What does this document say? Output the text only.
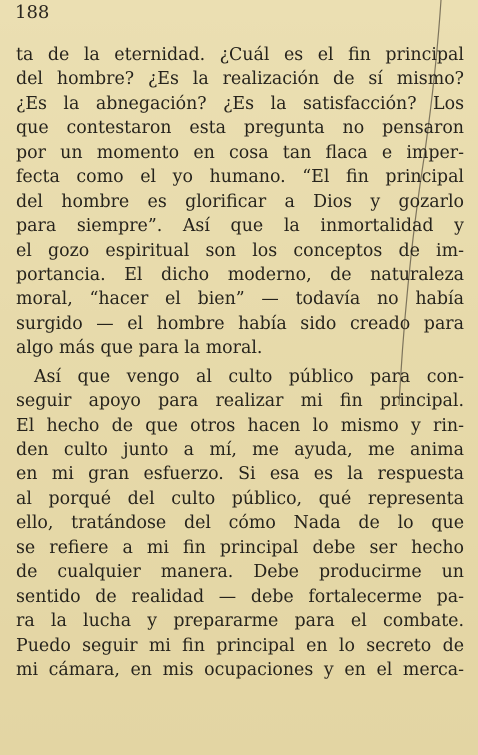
188
ta de la eternidad. ¿Cuál es el fin principal
del hombre? ¿Es la realización de sí mismo?
¿Es la abnegación? ¿Es la satisfacción? Los
que contestaron esta pregunta no pensaron
por un momento en cosa tan flaca e imper-
fecta como el yo humano. “El fin principal
del hombre es glorificar a Dios y gozarlo
para siempre”. Así que la inmortalidad y
el gozo espiritual son los conceptos de im-
portancia. El dicho moderno, de naturaleza
moral, “hacer el bien” — todavía no había
surgido — el hombre había sido creado para
algo más que para la moral.
Así que vengo al culto público para con-
seguir apoyo para realizar mi fin principal.
El hecho de que otros hacen lo mismo y rin-
den culto junto a mí, me ayuda, me anima
en mi gran esfuerzo. Si esa es la respuesta
al porqué del culto público, qué representa
ello, tratándose del cómo Nada de lo que
se refiere a mi fin principal debe ser hecho
de cualquier manera. Debe producirme un
sentido de realidad — debe fortalecerme pa-
ra la lucha y prepararme para el combate.
Puedo seguir mi fin principal en lo secreto de
mi cámara, en mis ocupaciones y en el merca-
